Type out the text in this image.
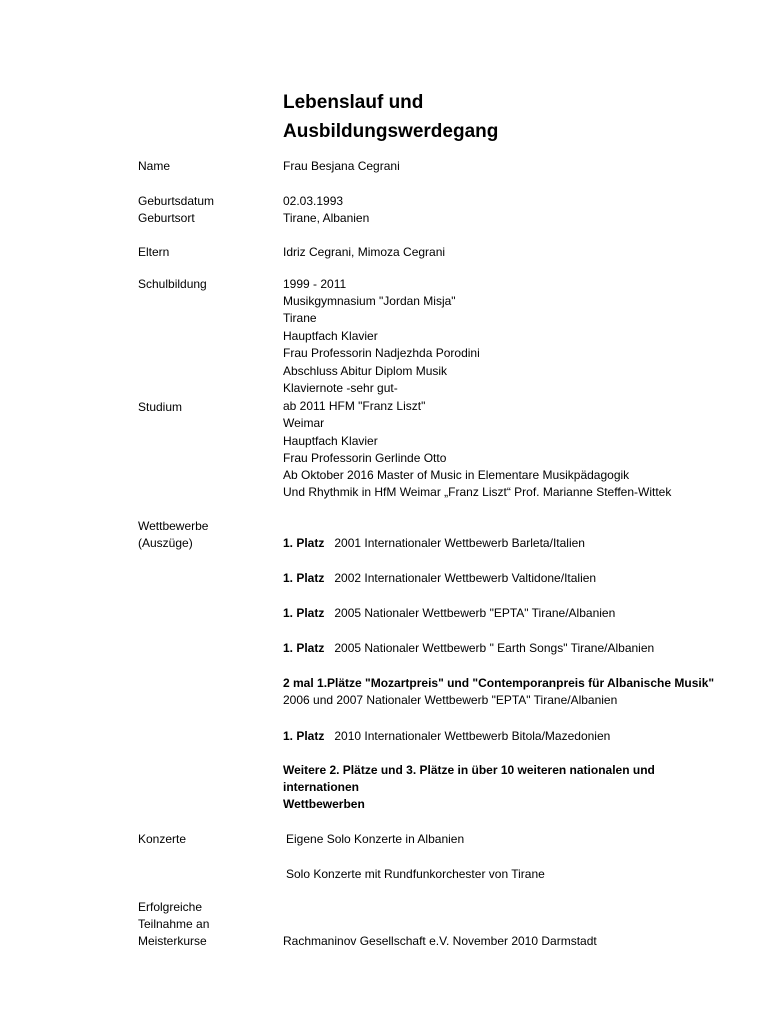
Lebenslauf und
Ausbildungswerdegang
Name	Frau Besjana Cegrani
Geburtsdatum	02.03.1993
Geburtsort	Tirane, Albanien
Eltern	Idriz Cegrani, Mimoza Cegrani
Schulbildung	1999 - 2011
Musikgymnasium "Jordan Misja"
Tirane
Hauptfach Klavier
Frau Professorin Nadjezhda Porodini
Abschluss Abitur Diplom Musik
Klaviernote -sehr gut-
Studium	ab 2011 HFM "Franz Liszt"
Weimar
Hauptfach Klavier
Frau Professorin Gerlinde Otto
Ab Oktober 2016 Master of Music in Elementare Musikpädagogik
Und Rhythmik in HfM Weimar „Franz Liszt“ Prof. Marianne Steffen-Wittek
Wettbewerbe
(Auszüge)	1. Platz 2001 Internationaler Wettbewerb Barleta/Italien
1. Platz 2002 Internationaler Wettbewerb Valtidone/Italien
1. Platz 2005 Nationaler Wettbewerb "EPTA" Tirane/Albanien
1. Platz 2005 Nationaler Wettbewerb " Earth Songs" Tirane/Albanien
2 mal 1.Plätze "Mozartpreis" und "Contemporanpreis für Albanische Musik"
2006 und 2007 Nationaler Wettbewerb "EPTA" Tirane/Albanien
1. Platz 2010 Internationaler Wettbewerb Bitola/Mazedonien
Weitere 2. Plätze und 3. Plätze in über 10 weiteren nationalen und
internationen
Wettbewerben
Konzerte	Eigene Solo Konzerte in Albanien
Solo Konzerte mit Rundfunkorchester von Tirane
Erfolgreiche
Teilnahme an
Meisterkurse	Rachmaninov Gesellschaft e.V. November 2010 Darmstadt
